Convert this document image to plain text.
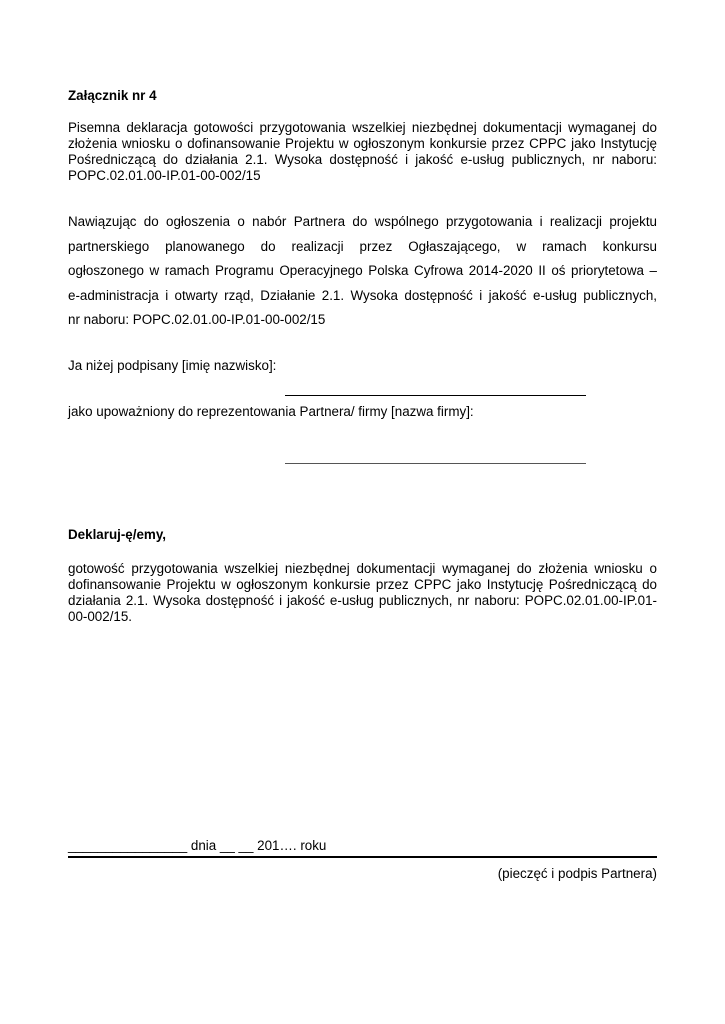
Załącznik nr 4

Pisemna deklaracja gotowości przygotowania wszelkiej niezbędnej dokumentacji wymaganej do złożenia wniosku o dofinansowanie Projektu w ogłoszonym konkursie przez CPPC jako Instytucję Pośredniczącą do działania 2.1. Wysoka dostępność i jakość e-usług publicznych, nr naboru: POPC.02.01.00-IP.01-00-002/15

Nawiązując do ogłoszenia o nabór Partnera do wspólnego przygotowania i realizacji projektu
partnerskiego planowanego do realizacji przez Ogłaszającego, w ramach konkursu
ogłoszonego w ramach Programu Operacyjnego Polska Cyfrowa 2014-2020 II oś priorytetowa –
e-administracja i otwarty rząd, Działanie 2.1. Wysoka dostępność i jakość e-usług publicznych,
nr naboru: POPC.02.01.00-IP.01-00-002/15

Ja niżej podpisany [imię nazwisko]:

jako upoważniony do reprezentowania Partnera/ firmy [nazwa firmy]:

Deklaruj-ę/emy,

gotowość przygotowania wszelkiej niezbędnej dokumentacji wymaganej do złożenia wniosku o dofinansowanie Projektu w ogłoszonym konkursie przez CPPC jako Instytucję Pośredniczącą do działania 2.1. Wysoka dostępność i jakość e-usług publicznych, nr naboru: POPC.02.01.00-IP.01-00-002/15.

________________ dnia __ __ 201…. roku

(pieczęć i podpis Partnera)
